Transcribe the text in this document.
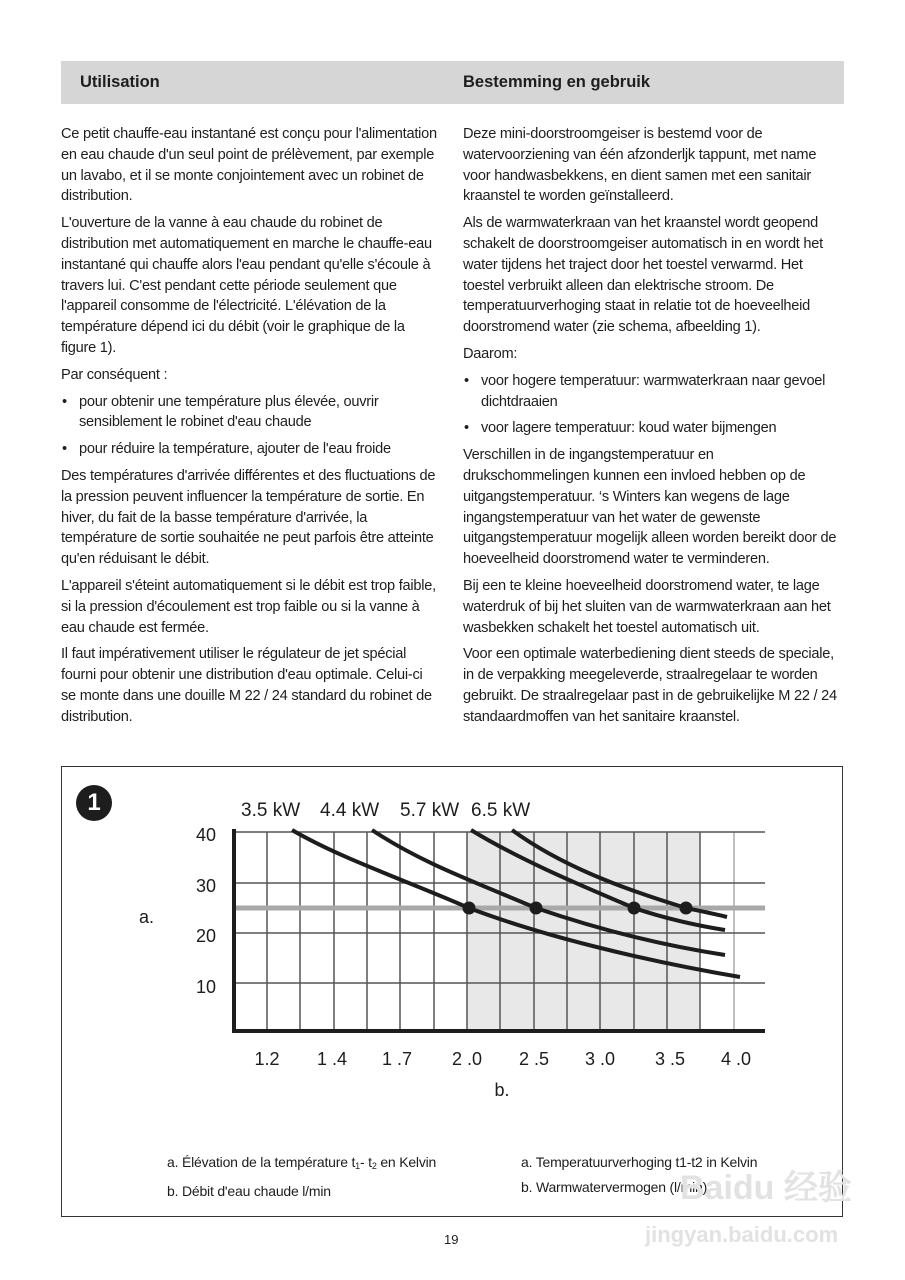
Utilisation	Bestemming en gebruik

Ce petit chauffe-eau instantané est conçu pour l'alimentation en eau chaude d'un seul point de prélèvement, par exemple un lavabo, et il se monte conjointement avec un robinet de distribution.

L'ouverture de la vanne à eau chaude du robinet de distribution met automatiquement en marche le chauffe-eau instantané qui chauffe alors l'eau pendant qu'elle s'écoule à travers lui. C'est pendant cette période seulement que l'appareil consomme de l'électricité. L'élévation de la température dépend ici du débit (voir le graphique de la figure 1).

Par conséquent :

• pour obtenir une température plus élevée, ouvrir sensiblement le robinet d'eau chaude
• pour réduire la température, ajouter de l'eau froide

Des températures d'arrivée différentes et des fluctuations de la pression peuvent influencer la température de sortie. En hiver, du fait de la basse température d'arrivée, la température de sortie souhaitée ne peut parfois être atteinte qu'en réduisant le débit.

L'appareil s'éteint automatiquement si le débit est trop faible, si la pression d'écoulement est trop faible ou si la vanne à eau chaude est fermée.

Il faut impérativement utiliser le régulateur de jet spécial fourni pour obtenir une distribution d'eau optimale. Celui-ci se monte dans une douille M 22 / 24 standard du robinet de distribution.

Deze mini-doorstroomgeiser is bestemd voor de watervoorziening van één afzonderljk tappunt, met name voor handwasbekkens, en dient samen met een sanitair kraanstel te worden geïnstalleerd.

Als de warmwaterkraan van het kraanstel wordt geopend schakelt de doorstroomgeiser automatisch in en wordt het water tijdens het traject door het toestel verwarmd. Het toestel verbruikt alleen dan elektrische stroom. De temperatuurverhoging staat in relatie tot de hoeveelheid doorstromend water (zie schema, afbeelding 1).

Daarom:

• voor hogere temperatuur: warmwaterkraan naar gevoel dichtdraaien
• voor lagere temperatuur: koud water bijmengen

Verschillen in de ingangstemperatuur en drukschommelingen kunnen een invloed hebben op de uitgangstemperatuur. ‘s Winters kan wegens de lage ingangstemperatuur van het water de gewenste uitgangstemperatuur mogelijk alleen worden bereikt door de hoeveelheid doorstromend water te verminderen.

Bij een te kleine hoeveelheid doorstromend water, te lage waterdruk of bij het sluiten van de warmwaterkraan aan het wasbekken schakelt het toestel automatisch uit.

Voor een optimale waterbediening dient steeds de speciale, in de verpakking meegeleverde, straalregelaar te worden gebruikt. De straalregelaar past in de gebruikelijke M 22 / 24 standaardmoffen van het sanitaire kraanstel.

1	3.5 kW 4.4 kW 5.7 kW 6.5 kW
40
30
20
10
a.
1.2 1 .4 1 .7 2 .0 2 .5 3 .0 3 .5 4 .0
b.
a. Élévation de la température $t_1-$ $t_2$ en Kelvin
b. Débit d'eau chaude l/min
a. Temperatuurverhoging t1-t2 in Kelvin
b. Warmwatervermogen (l/min)
Baidu 经验
jingyan.baidu.com
19
